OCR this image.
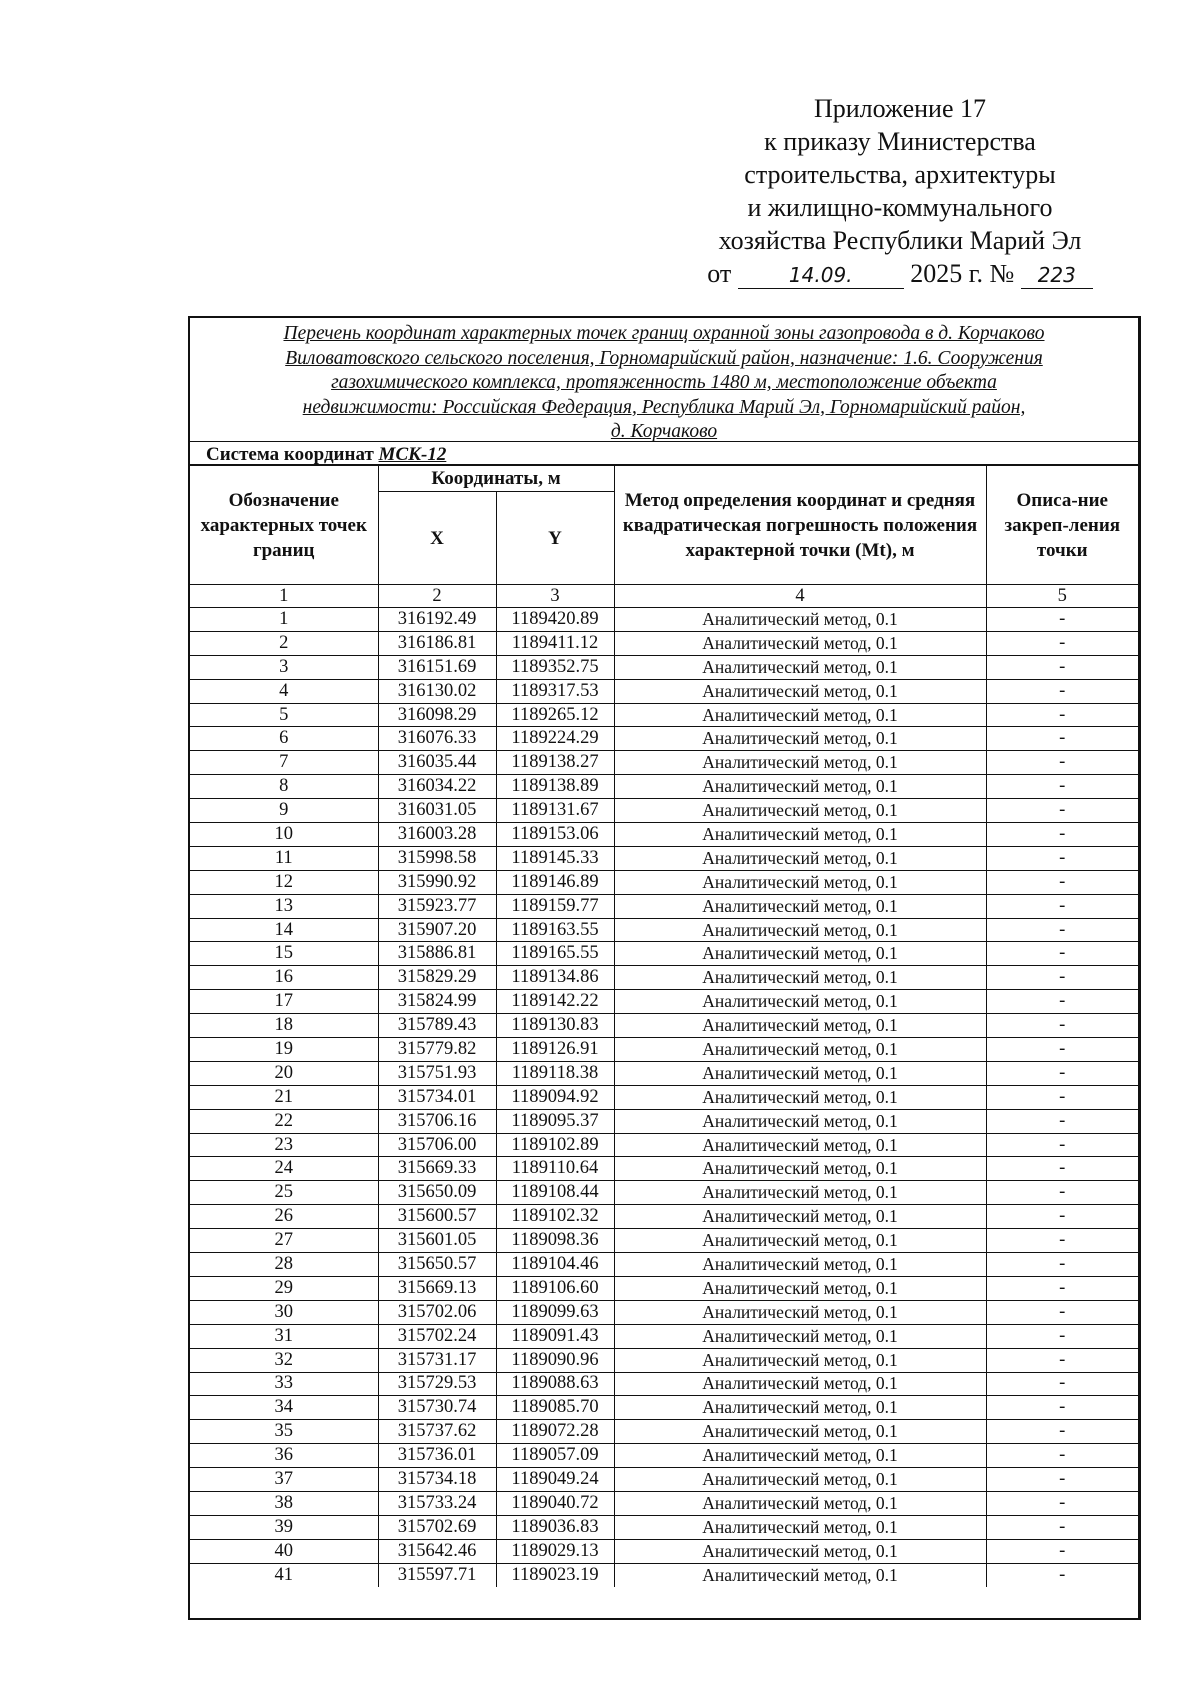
Приложение 17
к приказу Министерства
строительства, архитектуры
и жилищно-коммунального
хозяйства Республики Марий Эл
от	14.09. 2025 г. № 223
Перечень координат характерных точек границ охранной зоны газопровода в д. Корчаково
Виловатовского сельского поселения, Горномарийский район, назначение: 1.6. Сооружения
газохимического комплекса, протяженность 1480 м, местоположение объекта
недвижимости: Российская Федерация, Республика Марий Эл, Горномарийский район,
д. Корчаково
Система координат МСК-12
Обозначение характерных точек границ	Координаты, м		Метод определения координат и средняя квадратическая погрешность положения характерной точки (Mt), м	Описа-ние закреп-ления точки
	X	Y		
1	2	3	4	5
1	316192.49	1189420.89	Аналитический метод, 0.1	-
2	316186.81	1189411.12	Аналитический метод, 0.1	-
3	316151.69	1189352.75	Аналитический метод, 0.1	-
4	316130.02	1189317.53	Аналитический метод, 0.1	-
5	316098.29	1189265.12	Аналитический метод, 0.1	-
6	316076.33	1189224.29	Аналитический метод, 0.1	-
7	316035.44	1189138.27	Аналитический метод, 0.1	-
8	316034.22	1189138.89	Аналитический метод, 0.1	-
9	316031.05	1189131.67	Аналитический метод, 0.1	-
10	316003.28	1189153.06	Аналитический метод, 0.1	-
11	315998.58	1189145.33	Аналитический метод, 0.1	-
12	315990.92	1189146.89	Аналитический метод, 0.1	-
13	315923.77	1189159.77	Аналитический метод, 0.1	-
14	315907.20	1189163.55	Аналитический метод, 0.1	-
15	315886.81	1189165.55	Аналитический метод, 0.1	-
16	315829.29	1189134.86	Аналитический метод, 0.1	-
17	315824.99	1189142.22	Аналитический метод, 0.1	-
18	315789.43	1189130.83	Аналитический метод, 0.1	-
19	315779.82	1189126.91	Аналитический метод, 0.1	-
20	315751.93	1189118.38	Аналитический метод, 0.1	-
21	315734.01	1189094.92	Аналитический метод, 0.1	-
22	315706.16	1189095.37	Аналитический метод, 0.1	-
23	315706.00	1189102.89	Аналитический метод, 0.1	-
24	315669.33	1189110.64	Аналитический метод, 0.1	-
25	315650.09	1189108.44	Аналитический метод, 0.1	-
26	315600.57	1189102.32	Аналитический метод, 0.1	-
27	315601.05	1189098.36	Аналитический метод, 0.1	-
28	315650.57	1189104.46	Аналитический метод, 0.1	-
29	315669.13	1189106.60	Аналитический метод, 0.1	-
30	315702.06	1189099.63	Аналитический метод, 0.1	-
31	315702.24	1189091.43	Аналитический метод, 0.1	-
32	315731.17	1189090.96	Аналитический метод, 0.1	-
33	315729.53	1189088.63	Аналитический метод, 0.1	-
34	315730.74	1189085.70	Аналитический метод, 0.1	-
35	315737.62	1189072.28	Аналитический метод, 0.1	-
36	315736.01	1189057.09	Аналитический метод, 0.1	-
37	315734.18	1189049.24	Аналитический метод, 0.1	-
38	315733.24	1189040.72	Аналитический метод, 0.1	-
39	315702.69	1189036.83	Аналитический метод, 0.1	-
40	315642.46	1189029.13	Аналитический метод, 0.1	-
41	315597.71	1189023.19	Аналитический метод, 0.1	-
